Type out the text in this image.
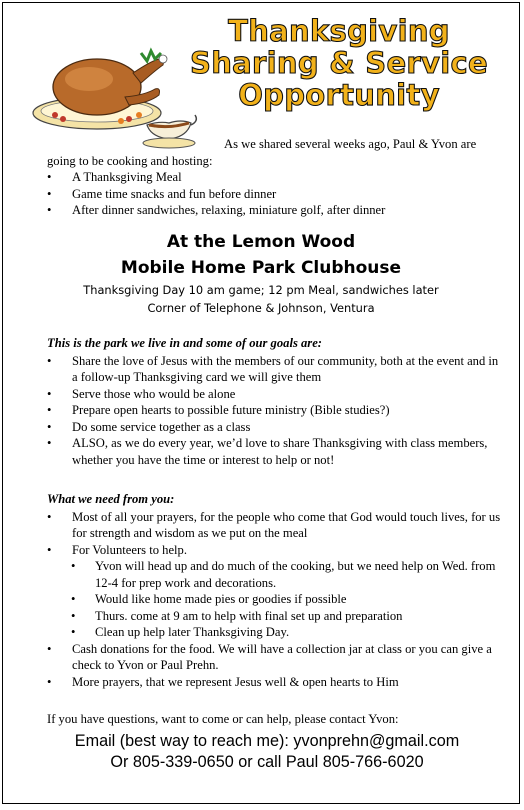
Thanksgiving
Sharing & Service
Opportunity
As we shared several weeks ago, Paul & Yvon are
going to be cooking and hosting:
• A Thanksgiving Meal
• Game time snacks and fun before dinner
• After dinner sandwiches, relaxing, miniature golf, after dinner
At the Lemon Wood
Mobile Home Park Clubhouse
Thanksgiving Day 10 am game; 12 pm Meal, sandwiches later
Corner of Telephone & Johnson, Ventura
This is the park we live in and some of our goals are:
• Share the love of Jesus with the members of our community, both at the event and in a follow-up Thanksgiving card we will give them
• Serve those who would be alone
• Prepare open hearts to possible future ministry (Bible studies?)
• Do some service together as a class
• ALSO, as we do every year, we’d love to share Thanksgiving with class members, whether you have the time or interest to help or not!
What we need from you:
• Most of all your prayers, for the people who come that God would touch lives, for us for strength and wisdom as we put on the meal
• For Volunteers to help.
• Yvon will head up and do much of the cooking, but we need help on Wed. from 12-4 for prep work and decorations.
• Would like home made pies or goodies if possible
• Thurs. come at 9 am to help with final set up and preparation
• Clean up help later Thanksgiving Day.
• Cash donations for the food. We will have a collection jar at class or you can give a check to Yvon or Paul Prehn.
• More prayers, that we represent Jesus well & open hearts to Him
If you have questions, want to come or can help, please contact Yvon:
Email (best way to reach me): yvonprehn@gmail.com
Or 805-339-0650 or call Paul 805-766-6020
